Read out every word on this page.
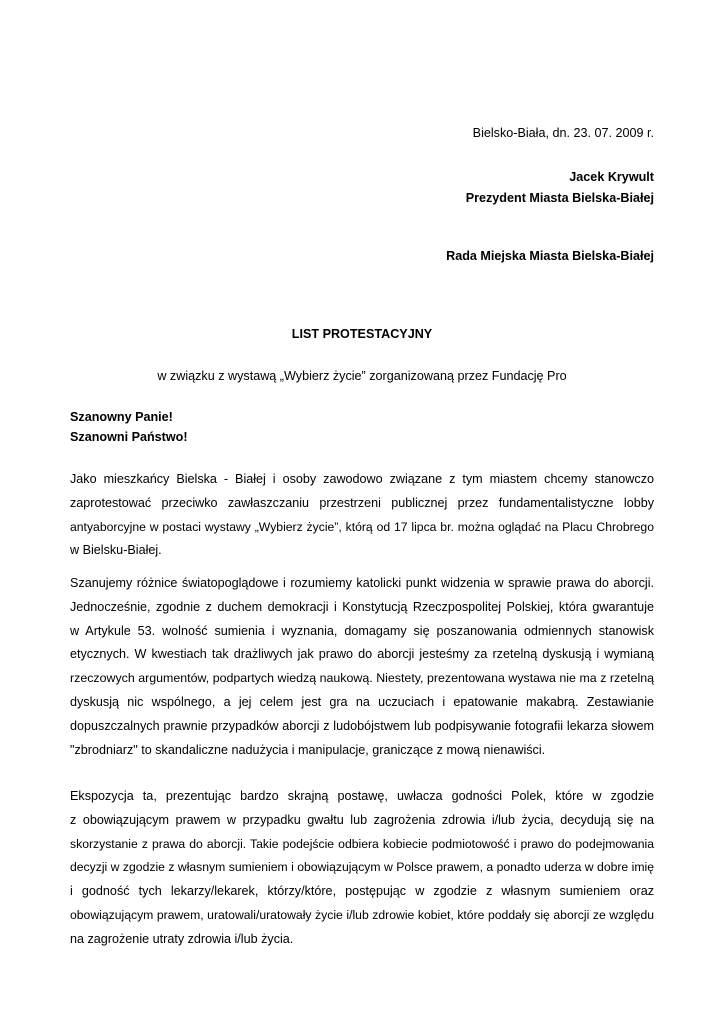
Bielsko-Biała, dn. 23. 07. 2009 r.

Jacek Krywult

Prezydent Miasta Bielska-Białej

Rada Miejska Miasta Bielska-Białej

LIST PROTESTACYJNY

w związku z wystawą „Wybierz życie” zorganizowaną przez Fundację Pro

Szanowny Panie!

Szanowni Państwo!

Jako mieszkańcy Bielska - Białej i osoby zawodowo związane z tym miastem chcemy stanowczo
zaprotestować przeciwko zawłaszczaniu przestrzeni publicznej przez fundamentalistyczne lobby
antyaborcyjne w postaci wystawy „Wybierz życie”, którą od 17 lipca br. można oglądać na Placu Chrobrego
w Bielsku-Białej.
Szanujemy różnice światopoglądowe i rozumiemy katolicki punkt widzenia w sprawie prawa do aborcji.
Jednocześnie, zgodnie z duchem demokracji i Konstytucją Rzeczpospolitej Polskiej, która gwarantuje
w Artykule 53. wolność sumienia i wyznania, domagamy się poszanowania odmiennych stanowisk
etycznych. W kwestiach tak drażliwych jak prawo do aborcji jesteśmy za rzetelną dyskusją i wymianą
rzeczowych argumentów, podpartych wiedzą naukową. Niestety, prezentowana wystawa nie ma z rzetelną
dyskusją nic wspólnego, a jej celem jest gra na uczuciach i epatowanie makabrą. Zestawianie
dopuszczalnych prawnie przypadków aborcji z ludobójstwem lub podpisywanie fotografii lekarza słowem
"zbrodniarz" to skandaliczne nadużycia i manipulacje, graniczące z mową nienawiści.
Ekspozycja ta, prezentując bardzo skrajną postawę, uwłacza godności Polek, które w zgodzie
z obowiązującym prawem w przypadku gwałtu lub zagrożenia zdrowia i/lub życia, decydują się na
skorzystanie z prawa do aborcji. Takie podejście odbiera kobiecie podmiotowość i prawo do podejmowania
decyzji w zgodzie z własnym sumieniem i obowiązującym w Polsce prawem, a ponadto uderza w dobre imię
i godność tych lekarzy/lekarek, którzy/które, postępując w zgodzie z własnym sumieniem oraz
obowiązującym prawem, uratowali/uratowały życie i/lub zdrowie kobiet, które poddały się aborcji ze względu
na zagrożenie utraty zdrowia i/lub życia.
